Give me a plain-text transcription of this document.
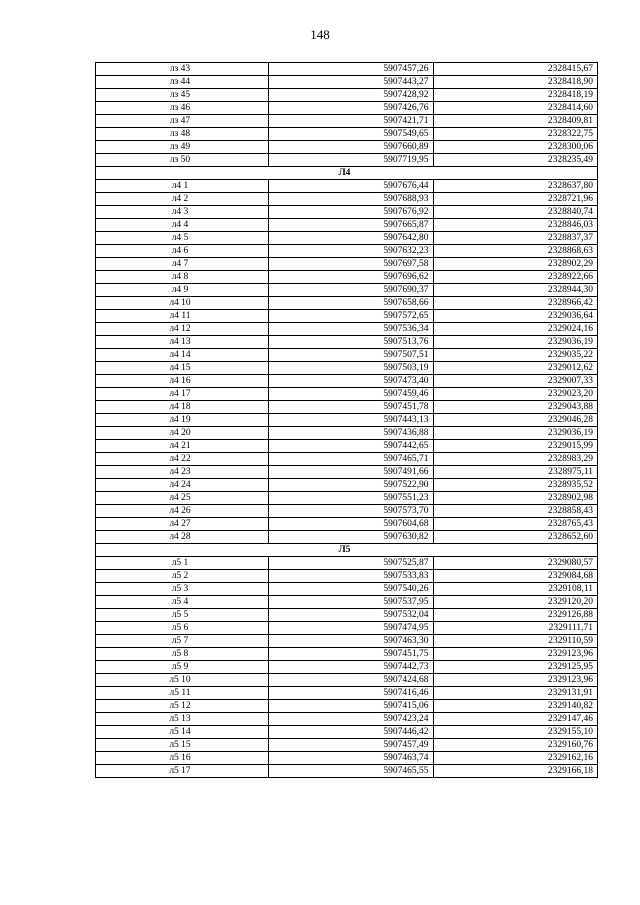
148
лз 43	5907457,26	2328415,67
лз 44	5907443,27	2328418,90
лз 45	5907428,92	2328418,19
лз 46	5907426,76	2328414,60
лз 47	5907421,71	2328409,81
лз 48	5907549,65	2328322,75
лз 49	5907660,89	2328300,06
лз 50	5907719,95	2328235,49
Л4		
л4 1	5907676,44	2328637,80
л4 2	5907688,93	2328721,96
л4 3	5907676,92	2328840,74
л4 4	5907665,87	2328846,03
л4 5	5907642,80	2328837,37
л4 6	5907632,23	2328868,63
л4 7	5907697,58	2328902,29
л4 8	5907696,62	2328922,66
л4 9	5907690,37	2328944,30
л4 10	5907658,66	2328966,42
л4 11	5907572,65	2329036,64
л4 12	5907536,34	2329024,16
л4 13	5907513,76	2329036,19
л4 14	5907507,51	2329035,22
л4 15	5907503,19	2329012,62
л4 16	5907473,40	2329007,33
л4 17	5907459,46	2329023,20
л4 18	5907451,78	2329043,88
л4 19	5907443,13	2329046,28
л4 20	5907436,88	2329036,19
л4 21	5907442,65	2329015,99
л4 22	5907465,71	2328983,29
л4 23	5907491,66	2328975,11
л4 24	5907522,90	2328935,52
л4 25	5907551,23	2328902,98
л4 26	5907573,70	2328858,43
л4 27	5907604,68	2328765,43
л4 28	5907630,82	2328652,60
Л5		
л5 1	5907525,87	2329080,57
л5 2	5907533,83	2329084,68
л5 3	5907540,26	2329108,11
л5 4	5907537,95	2329120,20
л5 5	5907532,04	2329126,88
л5 6	5907474,95	2329111,71
л5 7	5907463,30	2329110,59
л5 8	5907451,75	2329123,96
л5 9	5907442,73	2329125,95
л5 10	5907424,68	2329123,96
л5 11	5907416,46	2329131,91
л5 12	5907415,06	2329140,82
л5 13	5907423,24	2329147,46
л5 14	5907446,42	2329155,10
л5 15	5907457,49	2329160,76
л5 16	5907463,74	2329162,16
л5 17	5907465,55	2329166,18
